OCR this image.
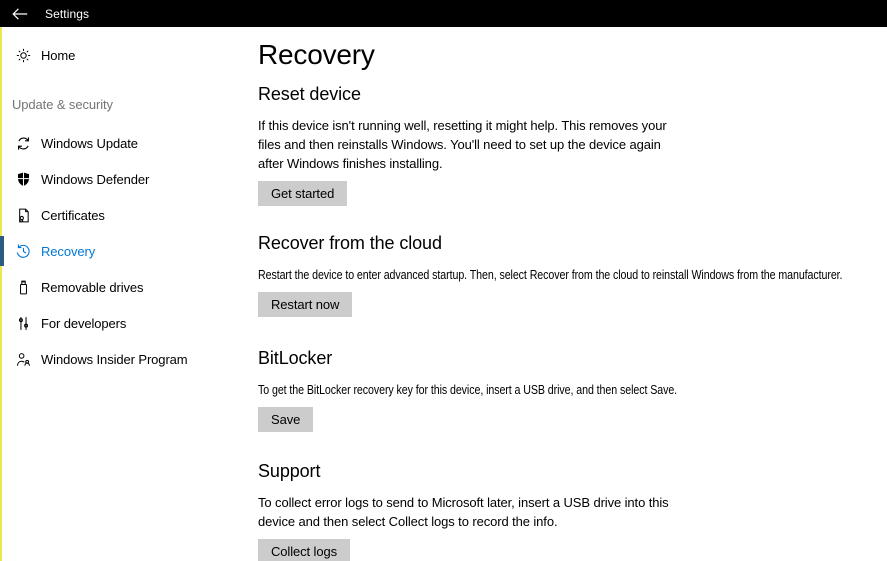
Settings
Home
Update & security
Windows Update
Windows Defender
Certificates
Recovery
Removable drives
For developers
Windows Insider Program
Recovery
Reset device

If this device isn't running well, resetting it might help. This removes your files and then reinstalls Windows. You'll need to set up the device again after Windows finishes installing.

Get started
Recover from the cloud

Restart the device to enter advanced startup. Then, select Recover from the cloud to reinstall Windows from the manufacturer.

Restart now
BitLocker

To get the BitLocker recovery key for this device, insert a USB drive, and then select Save.

Save
Support

To collect error logs to send to Microsoft later, insert a USB drive into this device and then select Collect logs to record the info.

Collect logs
